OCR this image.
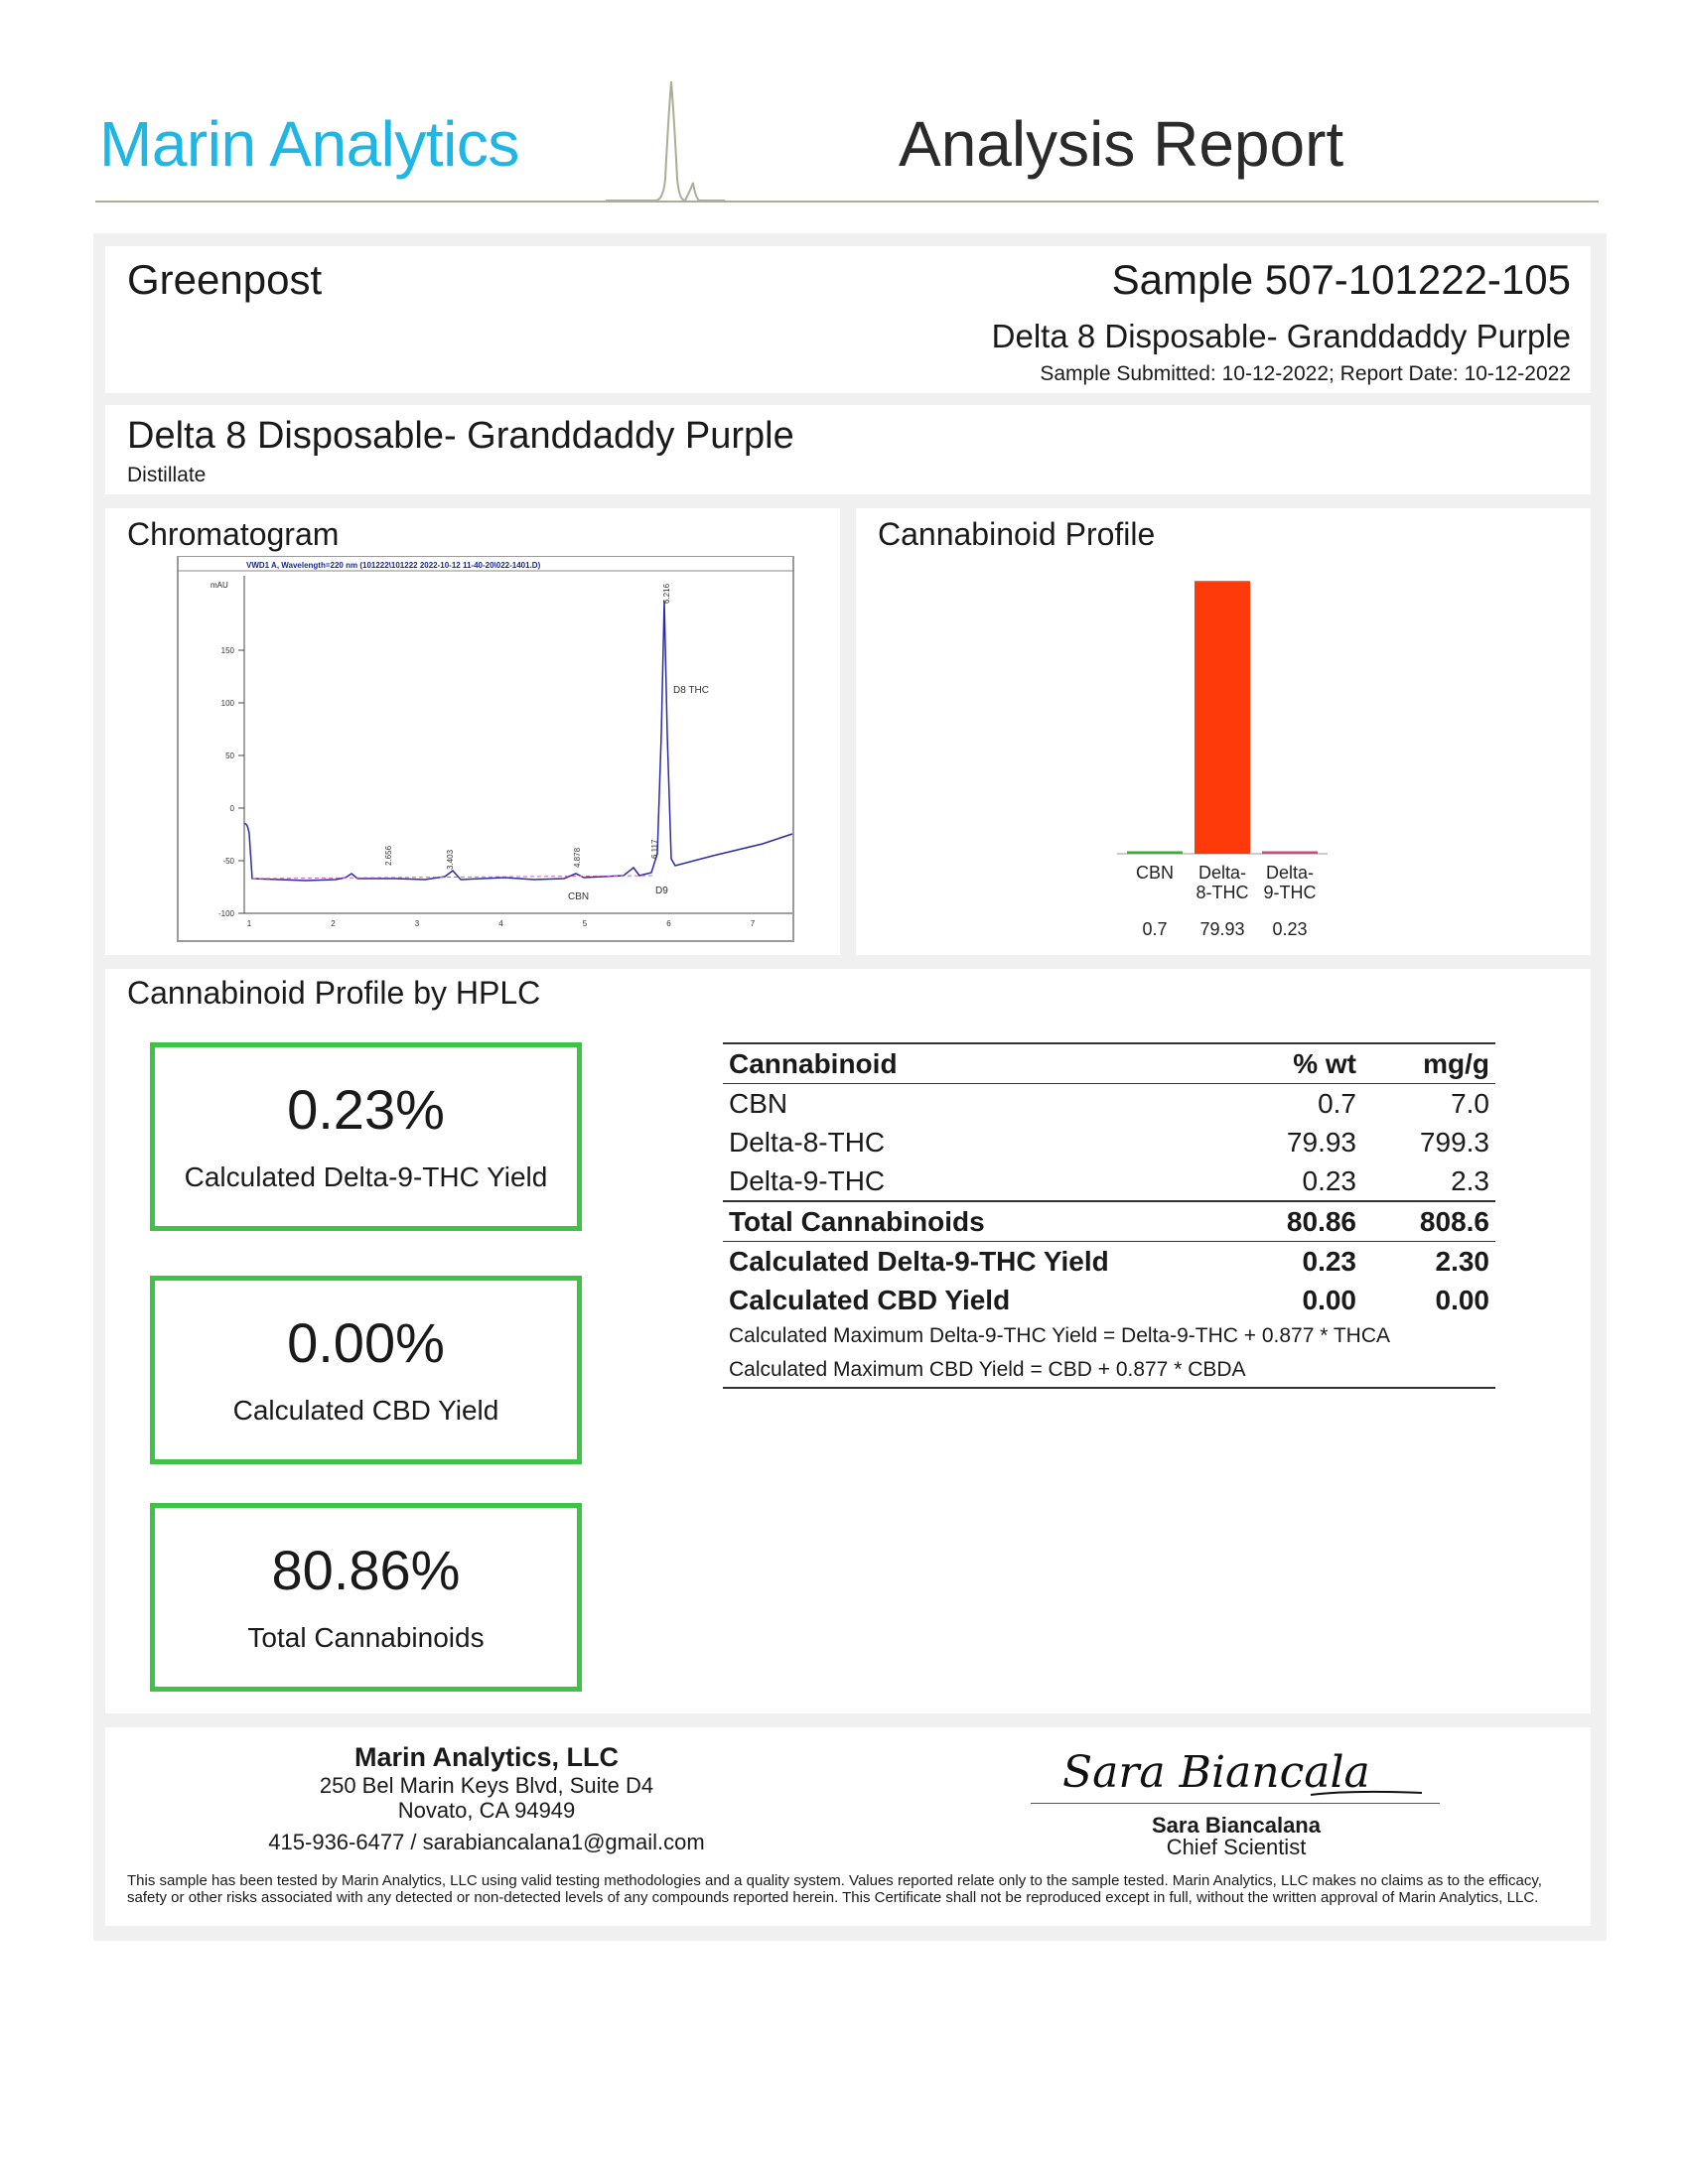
Marin Analytics	Analysis Report
Greenpost	Sample 507-101222-105
Delta 8 Disposable- Granddaddy Purple
Sample Submitted: 10-12-2022; Report Date: 10-12-2022
Delta 8 Disposable- Granddaddy Purple
Distillate
Chromatogram
VWD1 A, Wavelength=220 nm (101222\101222 2022-10-12 11-40-20\022-1401.D)
mAU
150
100
50
0
-50
-100
1	2	3	4	5	6	7
2.656	3.403	4.878	6.117
6.216
D8 THC
CBN
D9
Cannabinoid Profile
CBN
0.7
Delta-
8-THC
79.93
Delta-
9-THC
0.23
Cannabinoid Profile by HPLC
0.23%
Calculated Delta-9-THC Yield
0.00%
Calculated CBD Yield
80.86%
Total Cannabinoids
Cannabinoid	% wt	mg/g
CBN	0.7	7.0
Delta-8-THC	79.93	799.3
Delta-9-THC	0.23	2.3
Total Cannabinoids	80.86	808.6
Calculated Delta-9-THC Yield	0.23	2.30
Calculated CBD Yield	0.00	0.00
Calculated Maximum Delta-9-THC Yield = Delta-9-THC + 0.877 * THCA		
Calculated Maximum CBD Yield = CBD + 0.877 * CBDA		
Marin Analytics, LLC
250 Bel Marin Keys Blvd, Suite D4
Novato, CA 94949
415-936-6477 / sarabiancalana1@gmail.com
Sara Biancala
Sara Biancalana
Chief Scientist
This sample has been tested by Marin Analytics, LLC using valid testing methodologies and a quality system. Values reported relate only to the sample tested. Marin Analytics, LLC makes no claims as to the efficacy, safety or other risks associated with any detected or non-detected levels of any compounds reported herein. This Certificate shall not be reproduced except in full, without the written approval of Marin Analytics, LLC.
